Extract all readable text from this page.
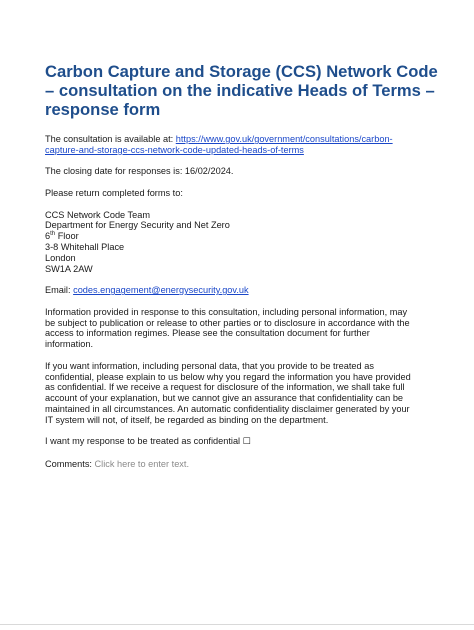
Carbon Capture and Storage (CCS) Network Code
– consultation on the indicative Heads of Terms –
response form

The consultation is available at: https://www.gov.uk/government/consultations/carbon-

capture-and-storage-ccs-network-code-updated-heads-of-terms

The closing date for responses is: 16/02/2024.

Please return completed forms to:

CCS Network Code Team

Department for Energy Security and Net Zero

6th Floor

3-8 Whitehall Place

London

SW1A 2AW

Email: codes.engagement@energysecurity.gov.uk

Information provided in response to this consultation, including personal information, may

be subject to publication or release to other parties or to disclosure in accordance with the

access to information regimes. Please see the consultation document for further

information.

If you want information, including personal data, that you provide to be treated as

confidential, please explain to us below why you regard the information you have provided

as confidential. If we receive a request for disclosure of the information, we shall take full

account of your explanation, but we cannot give an assurance that confidentiality can be

maintained in all circumstances. An automatic confidentiality disclaimer generated by your

IT system will not, of itself, be regarded as binding on the department.

I want my response to be treated as confidential ☐

Comments: Click here to enter text.
